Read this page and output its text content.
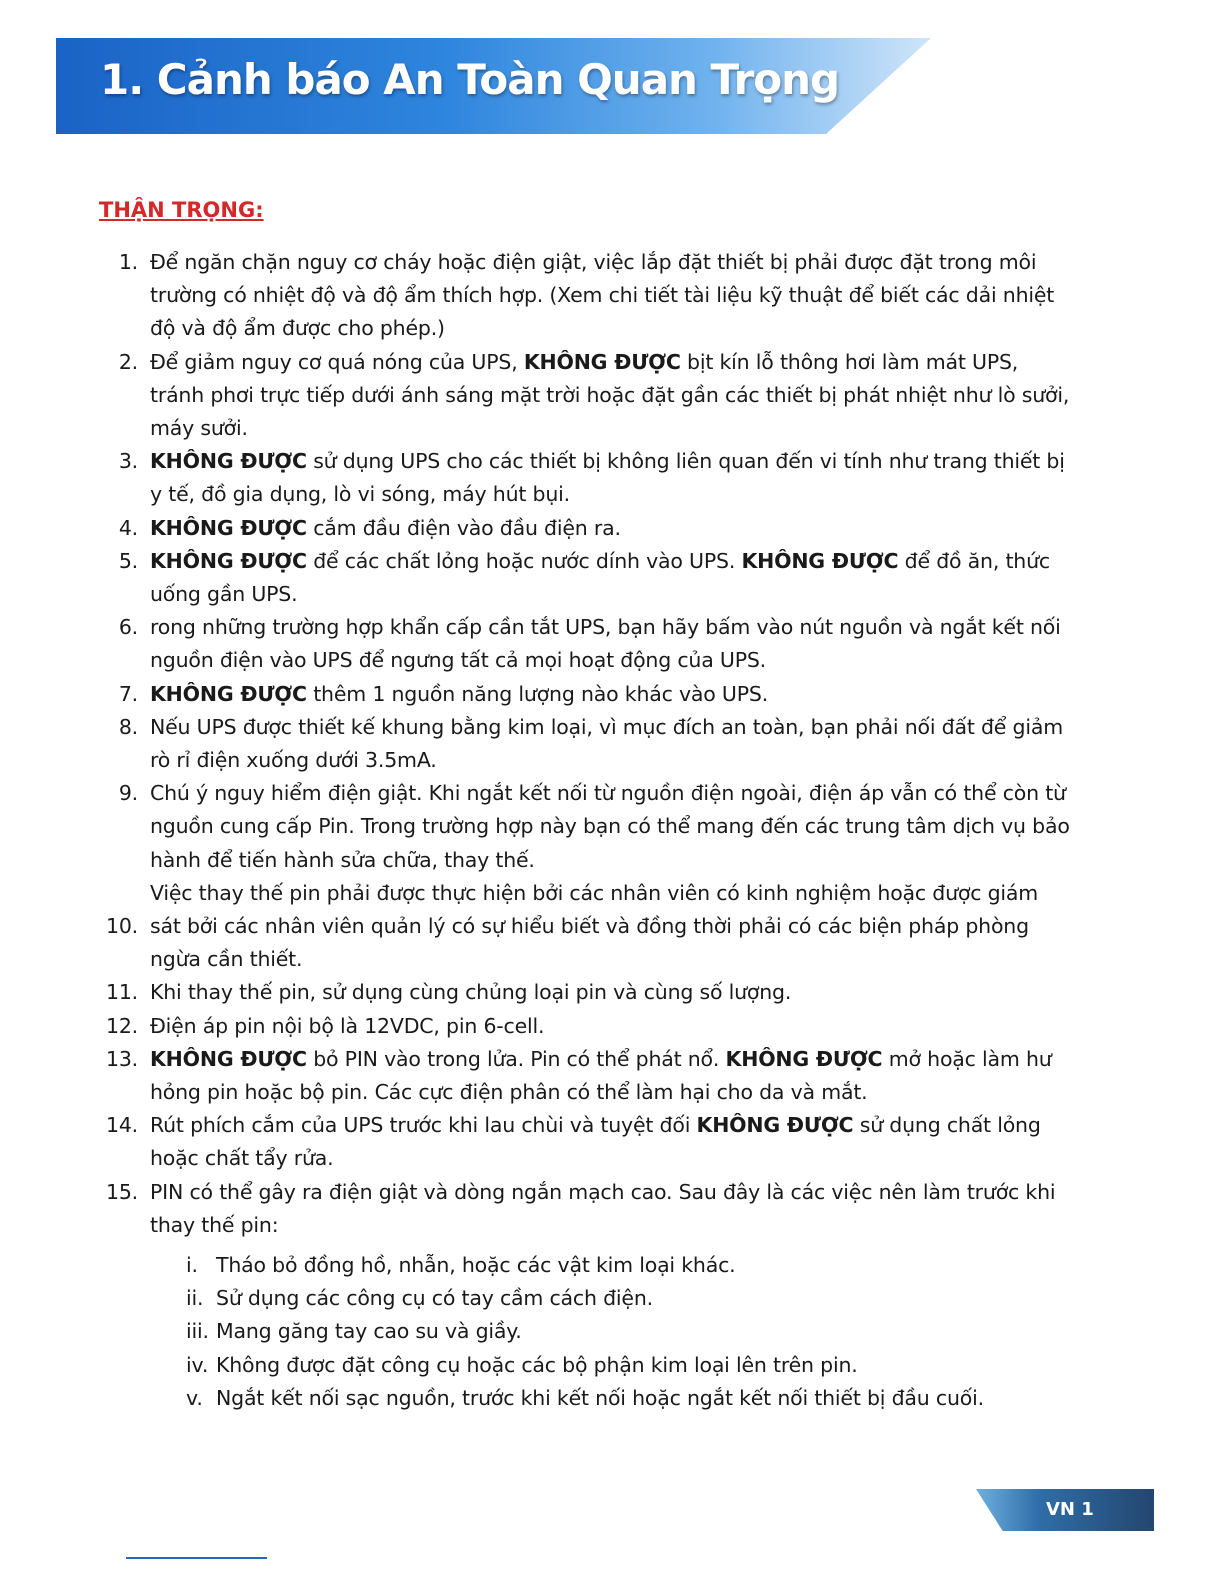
1. Cảnh báo An Toàn Quan Trọng
THẬN TRỌNG:
1. Để ngăn chặn nguy cơ cháy hoặc điện giật, việc lắp đặt thiết bị phải được đặt trong môi trường có nhiệt độ và độ ẩm thích hợp. (Xem chi tiết tài liệu kỹ thuật để biết các dải nhiệt độ và độ ẩm được cho phép.)
2. Để giảm nguy cơ quá nóng của UPS, KHÔNG ĐƯỢC bịt kín lỗ thông hơi làm mát UPS, tránh phơi trực tiếp dưới ánh sáng mặt trời hoặc đặt gần các thiết bị phát nhiệt như lò sưởi, máy sưởi.
3. KHÔNG ĐƯỢC sử dụng UPS cho các thiết bị không liên quan đến vi tính như trang thiết bị y tế, đồ gia dụng, lò vi sóng, máy hút bụi.
4. KHÔNG ĐƯỢC cắm đầu điện vào đầu điện ra.
5. KHÔNG ĐƯỢC để các chất lỏng hoặc nước dính vào UPS. KHÔNG ĐƯỢC để đồ ăn, thức uống gần UPS.
6. rong những trường hợp khẩn cấp cần tắt UPS, bạn hãy bấm vào nút nguồn và ngắt kết nối nguồn điện vào UPS để ngưng tất cả mọi hoạt động của UPS.
7. KHÔNG ĐƯỢC thêm 1 nguồn năng lượng nào khác vào UPS.
8. Nếu UPS được thiết kế khung bằng kim loại, vì mục đích an toàn, bạn phải nối đất để giảm rò rỉ điện xuống dưới 3.5mA.
9. Chú ý nguy hiểm điện giật. Khi ngắt kết nối từ nguồn điện ngoài, điện áp vẫn có thể còn từ nguồn cung cấp Pin. Trong trường hợp này bạn có thể mang đến các trung tâm dịch vụ bảo hành để tiến hành sửa chữa, thay thế.
10.
Việc thay thế pin phải được thực hiện bởi các nhân viên có kinh nghiệm hoặc được giám sát bởi các nhân viên quản lý có sự hiểu biết và đồng thời phải có các biện pháp phòng ngừa cần thiết.
11. Khi thay thế pin, sử dụng cùng chủng loại pin và cùng số lượng.
12. Điện áp pin nội bộ là 12VDC, pin 6-cell.
13. KHÔNG ĐƯỢC bỏ PIN vào trong lửa. Pin có thể phát nổ. KHÔNG ĐƯỢC mở hoặc làm hư hỏng pin hoặc bộ pin. Các cực điện phân có thể làm hại cho da và mắt.
14. Rút phích cắm của UPS trước khi lau chùi và tuyệt đối KHÔNG ĐƯỢC sử dụng chất lỏng hoặc chất tẩy rửa.
15. PIN có thể gây ra điện giật và dòng ngắn mạch cao. Sau đây là các việc nên làm trước khi thay thế pin:
i. Tháo bỏ đồng hồ, nhẫn, hoặc các vật kim loại khác.
ii. Sử dụng các công cụ có tay cầm cách điện.
iii. Mang găng tay cao su và giầy.
iv. Không được đặt công cụ hoặc các bộ phận kim loại lên trên pin.
v. Ngắt kết nối sạc nguồn, trước khi kết nối hoặc ngắt kết nối thiết bị đầu cuối.
VN 1
